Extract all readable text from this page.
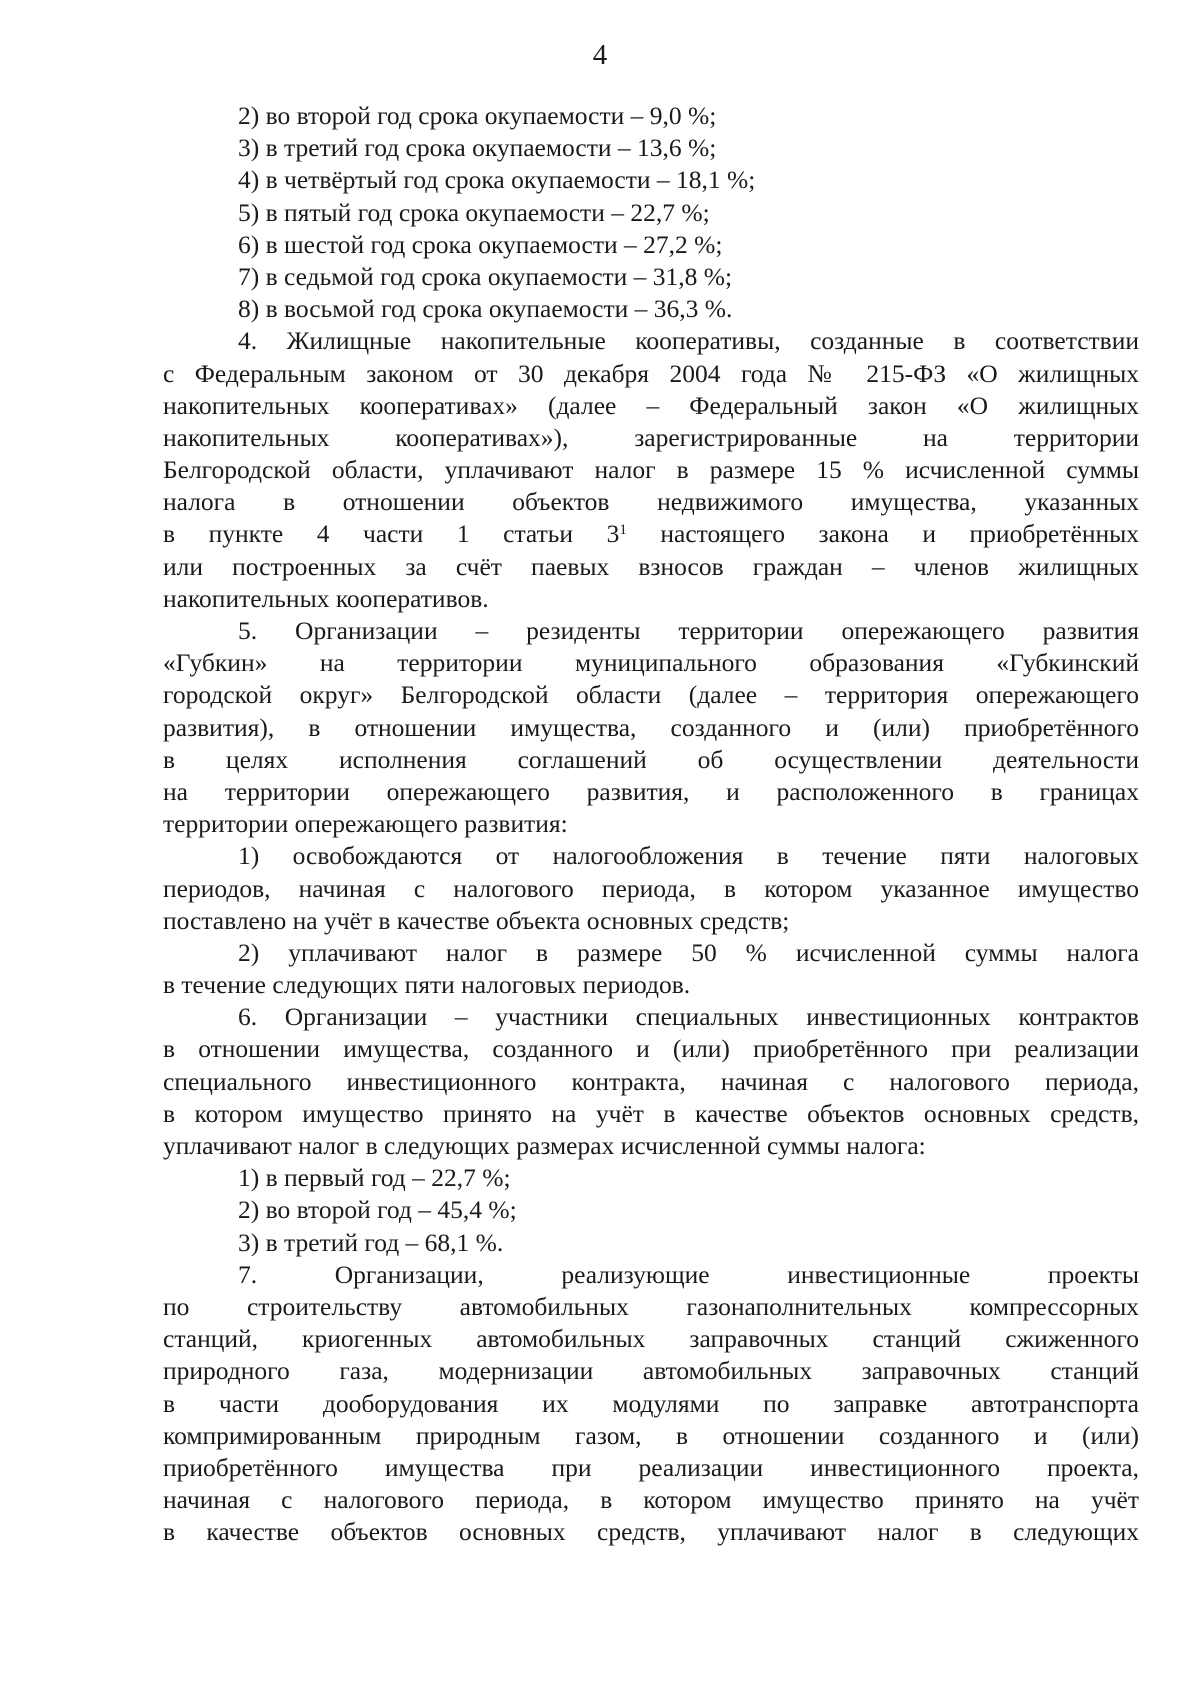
4
2) во второй год срока окупаемости – 9,0 %;
3) в третий год срока окупаемости – 13,6 %;
4) в четвёртый год срока окупаемости – 18,1 %;
5) в пятый год срока окупаемости – 22,7 %;
6) в шестой год срока окупаемости – 27,2 %;
7) в седьмой год срока окупаемости – 31,8 %;
8) в восьмой год срока окупаемости – 36,3 %.
4. Жилищные накопительные кооперативы, созданные в соответствии
с Федеральным законом от 30 декабря 2004 года № 215-ФЗ «О жилищных
накопительных кооперативах» (далее – Федеральный закон «О жилищных
накопительных кооперативах»), зарегистрированные на территории
Белгородской области, уплачивают налог в размере 15 % исчисленной суммы
налога в отношении объектов недвижимого имущества, указанных
в пункте 4 части 1 статьи $3^1$ настоящего закона и приобретённых
или построенных за счёт паевых взносов граждан – членов жилищных
накопительных кооперативов.
5. Организации – резиденты территории опережающего развития
«Губкин» на территории муниципального образования «Губкинский
городской округ» Белгородской области (далее – территория опережающего
развития), в отношении имущества, созданного и (или) приобретённого
в целях исполнения соглашений об осуществлении деятельности
на территории опережающего развития, и расположенного в границах
территории опережающего развития:
1) освобождаются от налогообложения в течение пяти налоговых
периодов, начиная с налогового периода, в котором указанное имущество
поставлено на учёт в качестве объекта основных средств;
2) уплачивают налог в размере 50 % исчисленной суммы налога
в течение следующих пяти налоговых периодов.
6. Организации – участники специальных инвестиционных контрактов
в отношении имущества, созданного и (или) приобретённого при реализации
специального инвестиционного контракта, начиная с налогового периода,
в котором имущество принято на учёт в качестве объектов основных средств,
уплачивают налог в следующих размерах исчисленной суммы налога:
1) в первый год – 22,7 %;
2) во второй год – 45,4 %;
3) в третий год – 68,1 %.
7. Организации, реализующие инвестиционные проекты
по строительству автомобильных газонаполнительных компрессорных
станций, криогенных автомобильных заправочных станций сжиженного
природного газа, модернизации автомобильных заправочных станций
в части дооборудования их модулями по заправке автотранспорта
компримированным природным газом, в отношении созданного и (или)
приобретённого имущества при реализации инвестиционного проекта,
начиная с налогового периода, в котором имущество принято на учёт
в качестве объектов основных средств, уплачивают налог в следующих
